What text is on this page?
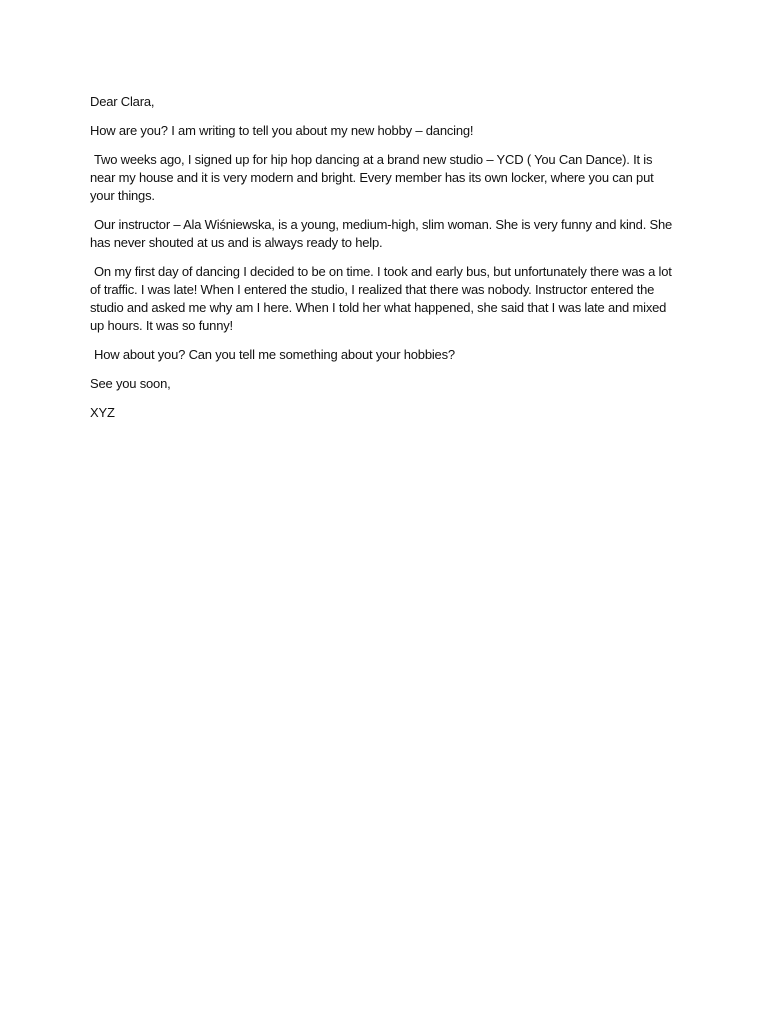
Dear Clara,

How are you? I am writing to tell you about my new hobby – dancing!

Two weeks ago, I signed up for hip hop dancing at a brand new studio – YCD ( You Can Dance). It is near my house and it is very modern and bright. Every member has its own locker, where you can put your things.

Our instructor – Ala Wiśniewska, is a young, medium-high, slim woman. She is very funny and kind. She has never shouted at us and is always ready to help.

On my first day of dancing I decided to be on time. I took and early bus, but unfortunately there was a lot of traffic. I was late! When I entered the studio, I realized that there was nobody. Instructor entered the studio and asked me why am I here. When I told her what happened, she said that I was late and mixed up hours. It was so funny!

How about you? Can you tell me something about your hobbies?

See you soon,

XYZ
